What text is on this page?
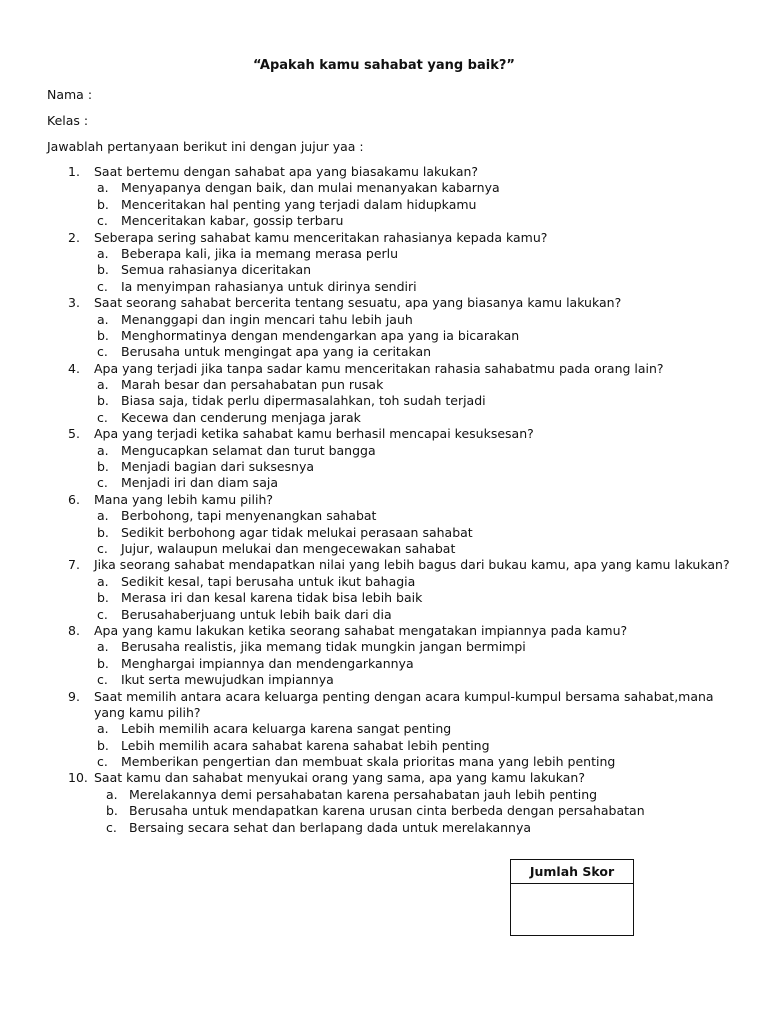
“Apakah kamu sahabat yang baik?”
Nama :
Kelas :
Jawablah pertanyaan berikut ini dengan jujur yaa :
1.	Saat bertemu dengan sahabat apa yang biasakamu lakukan?
a. Menyapanya dengan baik, dan mulai menanyakan kabarnya
b. Menceritakan hal penting yang terjadi dalam hidupkamu
c. Menceritakan kabar, gossip terbaru
2.	Seberapa sering sahabat kamu menceritakan rahasianya kepada kamu?
a. Beberapa kali, jika ia memang merasa perlu
b. Semua rahasianya diceritakan
c. Ia menyimpan rahasianya untuk dirinya sendiri
3.	Saat seorang sahabat bercerita tentang sesuatu, apa yang biasanya kamu lakukan?
a. Menanggapi dan ingin mencari tahu lebih jauh
b. Menghormatinya dengan mendengarkan apa yang ia bicarakan
c. Berusaha untuk mengingat apa yang ia ceritakan
4.	Apa yang terjadi jika tanpa sadar kamu menceritakan rahasia sahabatmu pada orang lain?
a. Marah besar dan persahabatan pun rusak
b. Biasa saja, tidak perlu dipermasalahkan, toh sudah terjadi
c. Kecewa dan cenderung menjaga jarak
5.	Apa yang terjadi ketika sahabat kamu berhasil mencapai kesuksesan?
a. Mengucapkan selamat dan turut bangga
b. Menjadi bagian dari suksesnya
c. Menjadi iri dan diam saja
6.	Mana yang lebih kamu pilih?
a. Berbohong, tapi menyenangkan sahabat
b. Sedikit berbohong agar tidak melukai perasaan sahabat
c. Jujur, walaupun melukai dan mengecewakan sahabat
7.	Jika seorang sahabat mendapatkan nilai yang lebih bagus dari bukau kamu, apa yang kamu lakukan?
a. Sedikit kesal, tapi berusaha untuk ikut bahagia
b. Merasa iri dan kesal karena tidak bisa lebih baik
c. Berusahaberjuang untuk lebih baik dari dia
8.	Apa yang kamu lakukan ketika seorang sahabat mengatakan impiannya pada kamu?
a. Berusaha realistis, jika memang tidak mungkin jangan bermimpi
b. Menghargai impiannya dan mendengarkannya
c. Ikut serta mewujudkan impiannya
9.	Saat memilih antara acara keluarga penting dengan acara kumpul-kumpul bersama sahabat,mana
yang kamu pilih?
a. Lebih memilih acara keluarga karena sangat penting
b. Lebih memilih acara sahabat karena sahabat lebih penting
c. Memberikan pengertian dan membuat skala prioritas mana yang lebih penting
10. Saat kamu dan sahabat menyukai orang yang sama, apa yang kamu lakukan?
a. Merelakannya demi persahabatan karena persahabatan jauh lebih penting
b. Berusaha untuk mendapatkan karena urusan cinta berbeda dengan persahabatan
c. Bersaing secara sehat dan berlapang dada untuk merelakannya
Jumlah Skor
